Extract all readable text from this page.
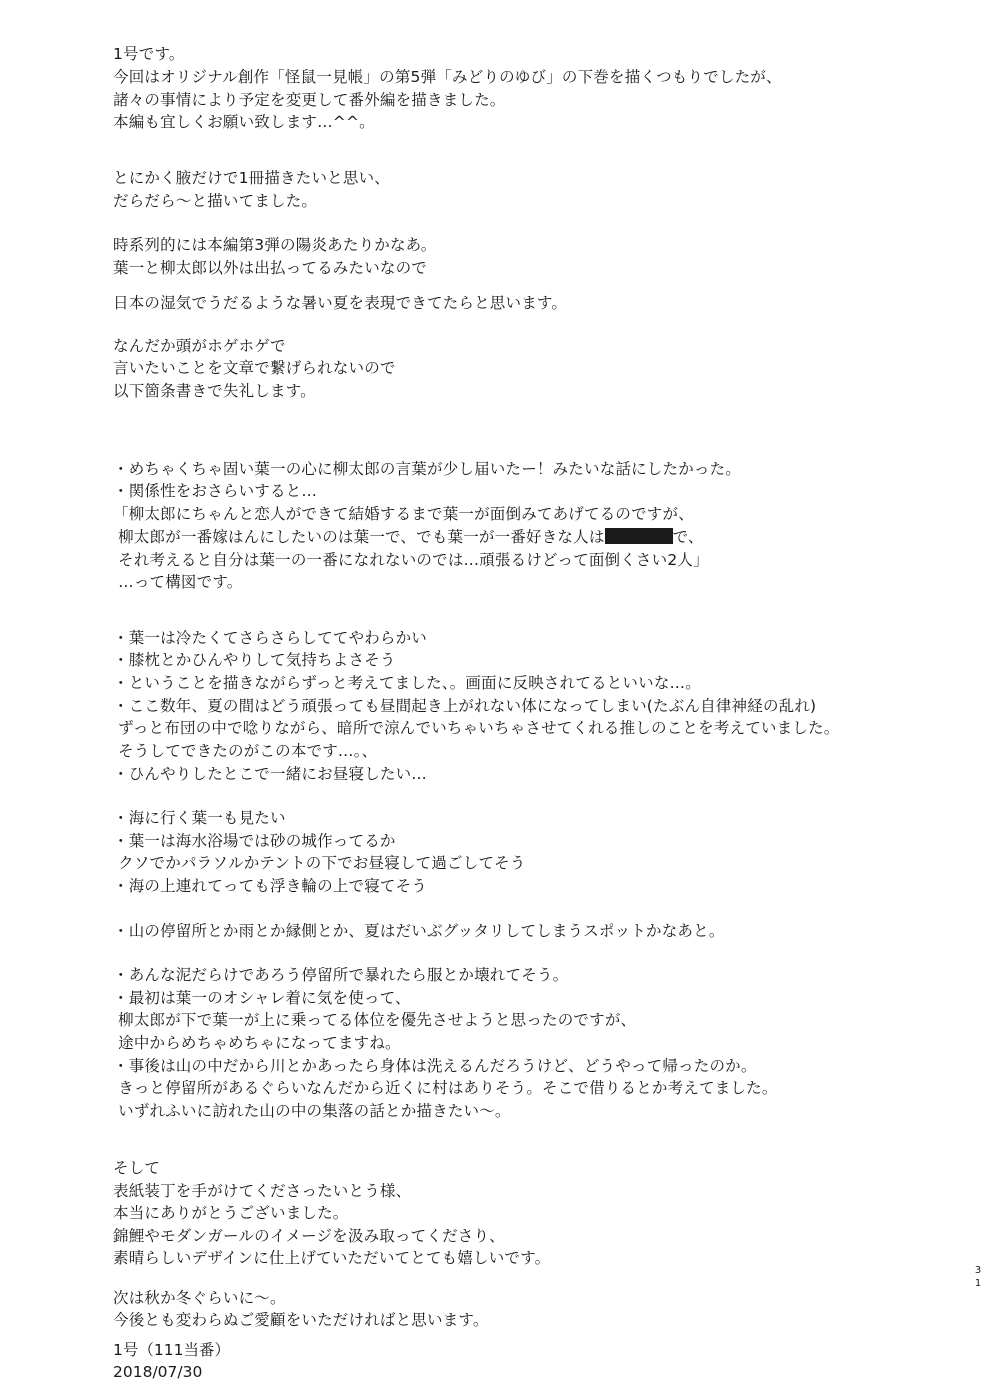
1号です。
今回はオリジナル創作「怪鼠一見帳」の第5弾「みどりのゆび」の下巻を描くつもりでしたが、
諸々の事情により予定を変更して番外編を描きました。
本編も宜しくお願い致します…^^。
とにかく腋だけで1冊描きたいと思い、
だらだら〜と描いてました。
時系列的には本編第3弾の陽炎あたりかなあ。
葉一と柳太郎以外は出払ってるみたいなので
日本の湿気でうだるような暑い夏を表現できてたらと思います。
なんだか頭がホゲホゲで
言いたいことを文章で繋げられないので
以下箇条書きで失礼します。
・めちゃくちゃ固い葉一の心に柳太郎の言葉が少し届いたー！みたいな話にしたかった。
・関係性をおさらいすると…
「柳太郎にちゃんと恋人ができて結婚するまで葉一が面倒みてあげてるのですが、
柳太郎が一番嫁はんにしたいのは葉一で、でも葉一が一番好きな人は	で、
それ考えると自分は葉一の一番になれないのでは…頑張るけどって面倒くさい2人」
…って構図です。
・葉一は冷たくてさらさらしててやわらかい
・膝枕とかひんやりして気持ちよさそう
・ということを描きながらずっと考えてました、。画面に反映されてるといいな…。
・ここ数年、夏の間はどう頑張っても昼間起き上がれない体になってしまい(たぶん自律神経の乱れ)
ずっと布団の中で唸りながら、暗所で涼んでいちゃいちゃさせてくれる推しのことを考えていました。
そうしてできたのがこの本です…。、
・ひんやりしたとこで一緒にお昼寝したい…
・海に行く葉一も見たい
・葉一は海水浴場では砂の城作ってるか
クソでかパラソルかテントの下でお昼寝して過ごしてそう
・海の上連れてっても浮き輪の上で寝てそう
・山の停留所とか雨とか縁側とか、夏はだいぶグッタリしてしまうスポットかなあと。
・あんな泥だらけであろう停留所で暴れたら服とか壊れてそう。
・最初は葉一のオシャレ着に気を使って、
柳太郎が下で葉一が上に乗ってる体位を優先させようと思ったのですが、
途中からめちゃめちゃになってますね。
・事後は山の中だから川とかあったら身体は洗えるんだろうけど、どうやって帰ったのか。
きっと停留所があるぐらいなんだから近くに村はありそう。そこで借りるとか考えてました。
いずれふいに訪れた山の中の集落の話とか描きたい〜。
そして
表紙装丁を手がけてくださったいとう様、
本当にありがとうございました。
錦鯉やモダンガールのイメージを汲み取ってくださり、
素晴らしいデザインに仕上げていただいてとても嬉しいです。
次は秋か冬ぐらいに〜。
今後とも変わらぬご愛顧をいただければと思います。
3
1
1号（111当番）
2018/07/30
